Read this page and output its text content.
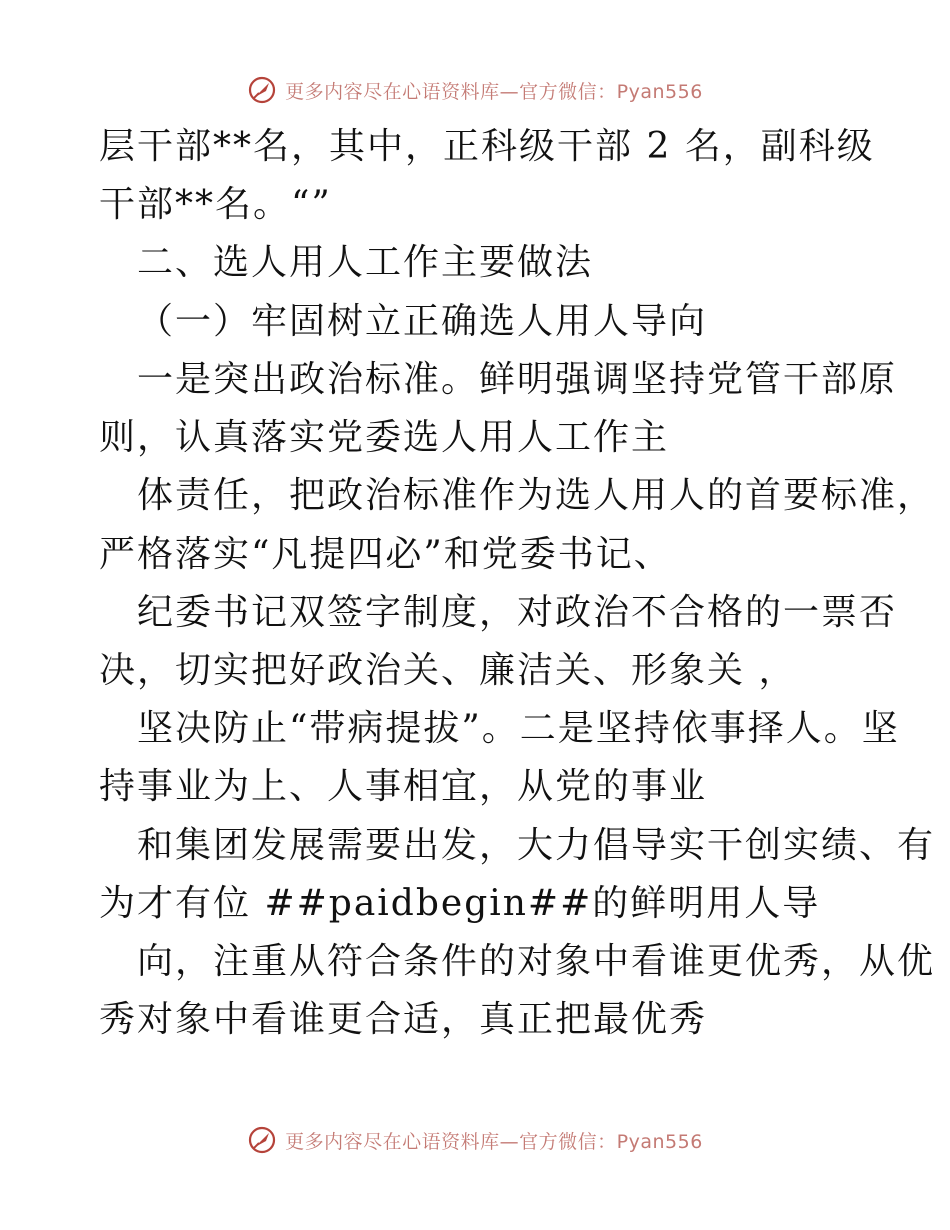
更多内容尽在心语资料库—官方微信：Pyan556
层干部**名，其中，正科级干部 2 名，副科级
干部**名。“”
二、选人用人工作主要做法
（一）牢固树立正确选人用人导向
一是突出政治标准。鲜明强调坚持党管干部原
则，认真落实党委选人用人工作主
体责任，把政治标准作为选人用人的首要标准，
严格落实“凡提四必”和党委书记、
纪委书记双签字制度，对政治不合格的一票否
决，切实把好政治关、廉洁关、形象关 ，
坚决防止“带病提拔”。二是坚持依事择人。坚
持事业为上、人事相宜，从党的事业
和集团发展需要出发，大力倡导实干创实绩、有
为才有位 ##paidbegin##的鲜明用人导
向，注重从符合条件的对象中看谁更优秀，从优
秀对象中看谁更合适，真正把最优秀
更多内容尽在心语资料库—官方微信：Pyan556
